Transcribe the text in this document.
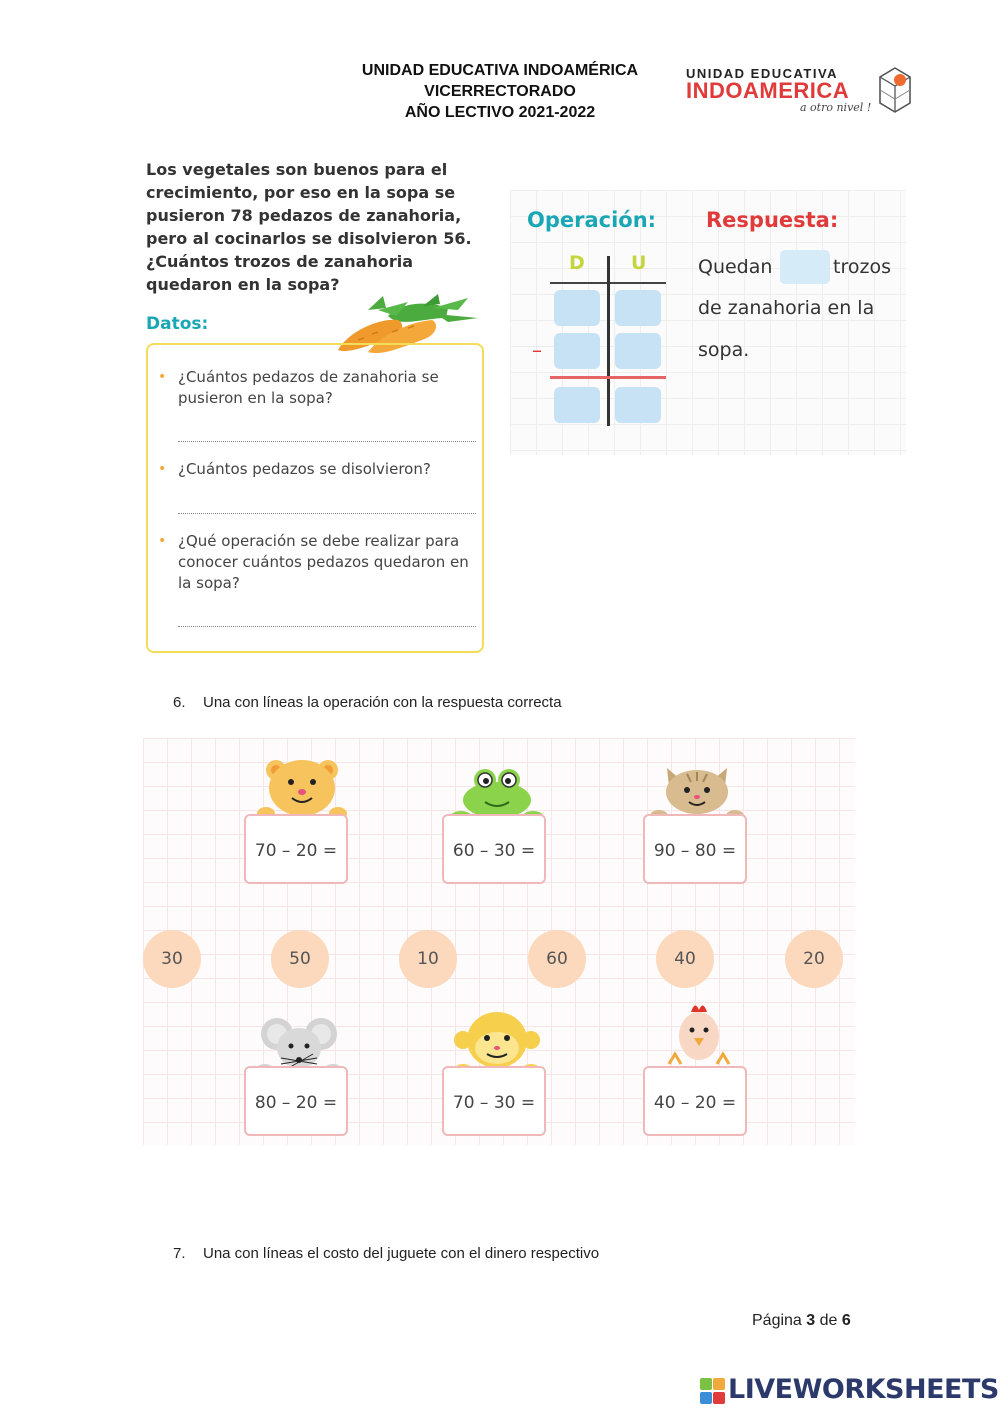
UNIDAD EDUCATIVA INDOAMÉRICA
VICERRECTORADO
AÑO LECTIVO 2021-2022
UNIDAD EDUCATIVA
INDOAMERICA
a otro nivel !
Los vegetales son buenos para el crecimiento, por eso en la sopa se pusieron 78 pedazos de zanahoria, pero al cocinarlos se disolvieron 56. ¿Cuántos trozos de zanahoria quedaron en la sopa?
Datos:
• ¿Cuántos pedazos de zanahoria se pusieron en la sopa?
• ¿Cuántos pedazos se disolvieron?
• ¿Qué operación se debe realizar para conocer cuántos pedazos quedaron en la sopa?
Operación: Respuesta:
D U
–
Quedan	trozos
de zanahoria en la
sopa.
6. Una con líneas la operación con la respuesta correcta
70 – 20 =	60 – 30 =	90 – 80 =
30	50	10	60	40	20
80 – 20 =	70 – 30 =	40 – 20 =
7. Una con líneas el costo del juguete con el dinero respectivo
Página 3 de 6
LIVEWORKSHEETS
